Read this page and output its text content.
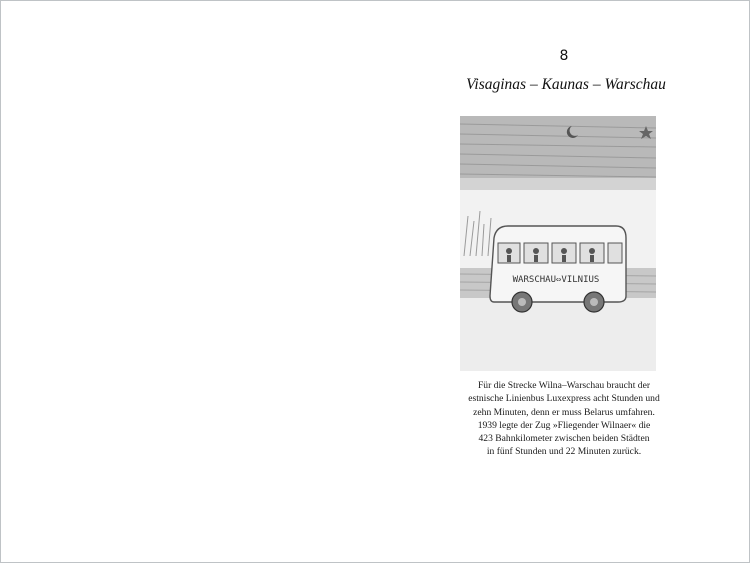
8
Visaginas – Kaunas – Warschau
WARSCHAU⇔VILNIUS
Für die Strecke Wilna–Warschau braucht der
estnische Linienbus Luxexpress acht Stunden und
zehn Minuten, denn er muss Belarus umfahren.
1939 legte der Zug »Fliegender Wilnaer« die
423 Bahnkilometer zwischen beiden Städten
in fünf Stunden und 22 Minuten zurück.
